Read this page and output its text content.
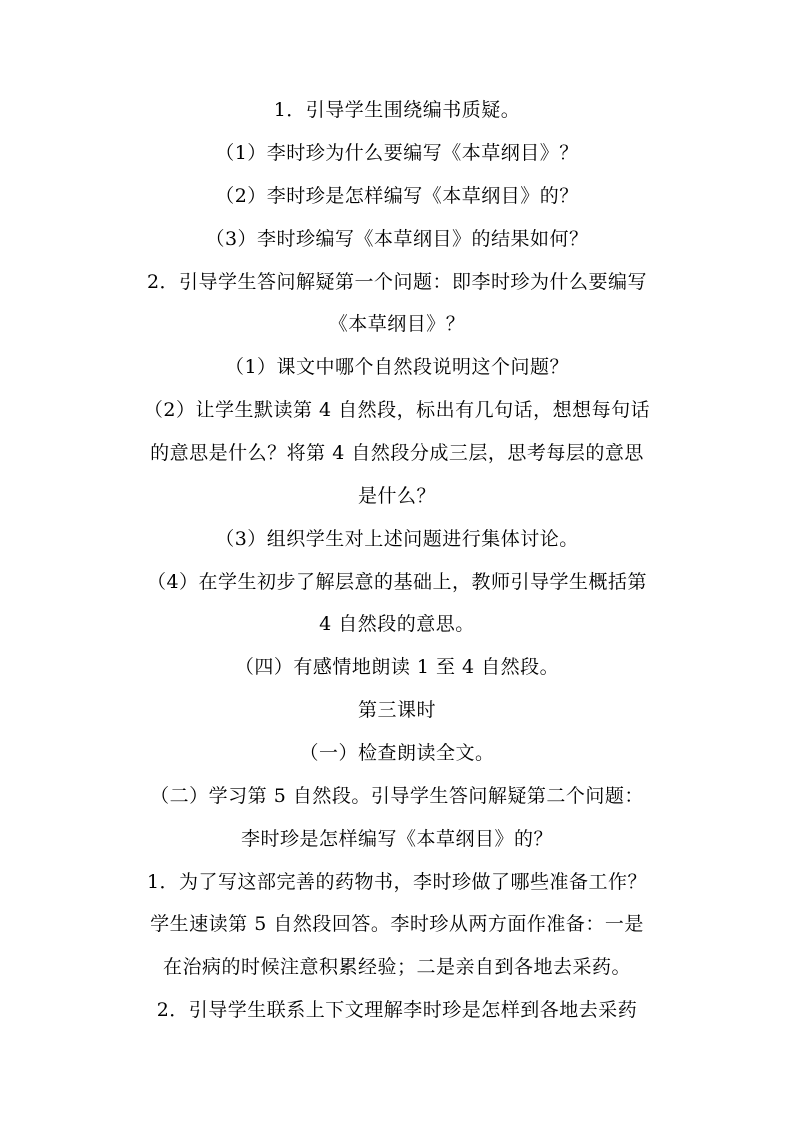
1．引导学生围绕编书质疑。
（1）李时珍为什么要编写《本草纲目》？
（2）李时珍是怎样编写《本草纲目》的？
（3）李时珍编写《本草纲目》的结果如何？
2．引导学生答问解疑第一个问题：即李时珍为什么要编写
《本草纲目》？
（1）课文中哪个自然段说明这个问题？
（2）让学生默读第 4 自然段，标出有几句话，想想每句话
的意思是什么？将第 4 自然段分成三层，思考每层的意思
是什么？
（3）组织学生对上述问题进行集体讨论。
（4）在学生初步了解层意的基础上，教师引导学生概括第
4 自然段的意思。
（四）有感情地朗读 1 至 4 自然段。
第三课时
（一）检查朗读全文。
（二）学习第 5 自然段。引导学生答问解疑第二个问题：
李时珍是怎样编写《本草纲目》的？
1．为了写这部完善的药物书，李时珍做了哪些准备工作？
学生速读第 5 自然段回答。李时珍从两方面作准备：一是
在治病的时候注意积累经验；二是亲自到各地去采药。
2．引导学生联系上下文理解李时珍是怎样到各地去采药
